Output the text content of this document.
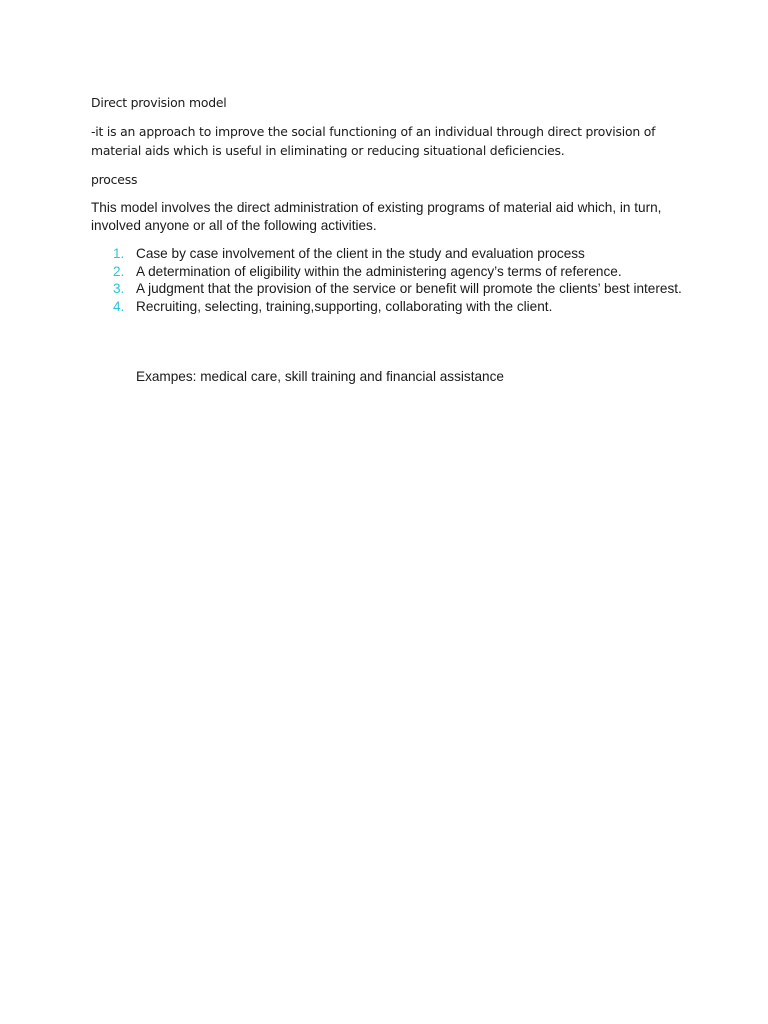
Direct provision model

-it is an approach to improve the social functioning of an individual through direct provision of material aids which is useful in eliminating or reducing situational deficiencies.

process

This model involves the direct administration of existing programs of material aid which, in turn, involved anyone or all of the following activities.

1. Case by case involvement of the client in the study and evaluation process
2. A determination of eligibility within the administering agency’s terms of reference.
3. A judgment that the provision of the service or benefit will promote the clients’ best interest.
4. Recruiting, selecting, training,supporting, collaborating with the client.

Exampes: medical care, skill training and financial assistance
